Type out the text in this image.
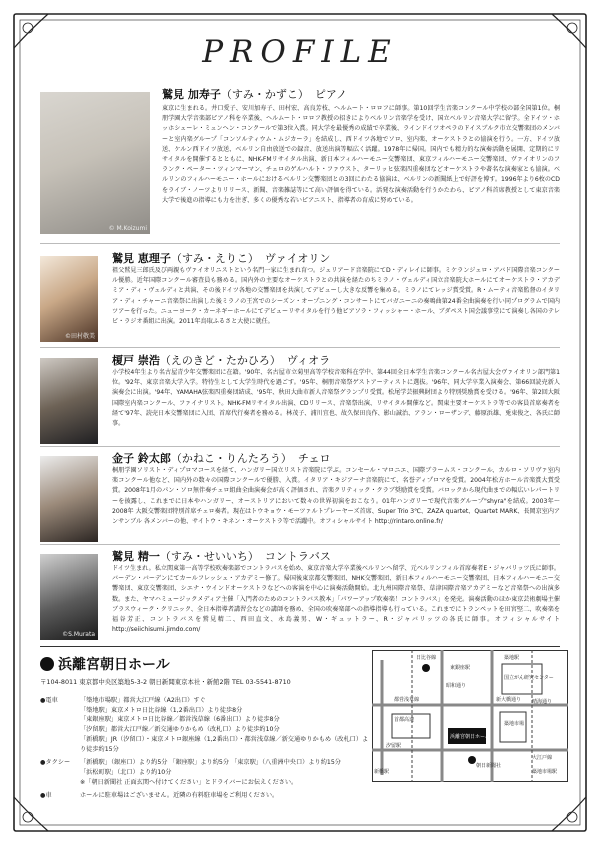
PROFILE
© M.Koizumi
鷲見 加寿子（すみ・かずこ） ピアノ
東京に生まれる。井口愛子、安川加寿子、田村宏、高良芳枝、ヘルムート・ロロフに師事。第10回学生音楽コンクール中学校の部全国第1位。桐朋学園大学音楽部ピアノ科を卒業後、ヘルムート・ロロフ教授の招きによりベルリン音楽学を受け、国立ベルリン音楽大学に留学。全ドイツ・ホッホシューレ・ミュンヘン・コンクールで第3位入賞。同大学を最優秀の成績で卒業後、ラインドイツオペラのドイスブルク市立交響楽団のメンバーと室内楽グループ「コンソルティウム・ムジカーラ」を結成し、西ドイツ各地でソロ、室内楽、オーケストラとの協演を行う。一方、ドイツ放送、ケルン西ドイツ放送、ベルリン自由放送での録音、放送出演等幅広く活躍。1978年に帰国。国内でも精力的な演奏活動を展開、定期的にリサイタルを開催するとともに、NHK-FMリサイタル出演、新日本フィルハーモニー交響楽団、東京フィルハーモニー交響楽団、ヴァイオリンのフランク・ペーター・ツィンマーマン、チェロのゲルハルト・ファウスト、ターリッヒ弦楽四重奏団などオーケストラや著名な演奏家とも協演。ベルリンのフィルハーモニー・ホールにおけるベルリン交響楽団との3回にわたる協演は、ベルリンの新聞紙上で好評を博す。1996年より6枚のCDをライブ・ノーツよりリリース、新聞、音楽雑誌等にて高い評価を得ている。活発な演奏活動を行うかたわら、ピアノ科首席教授として東京音楽大学で後進の指導にも力を注ぎ、多くの優秀な若いピアニスト、指導者の育成に努めている。
©田村敬美
鷲見 恵理子（すみ・えりこ） ヴァイオリン
祖父鷲見三郎氏及び両親もヴァイオリニストという名門一家に生まれ育つ。ジュリアード音楽院にてD・ディレイに師事。ミケランジェロ・アバド国際音楽コンクール優勝。近年国際コンクール審査員も務める。国内外の主要なオーケストラとの共演を経たのちミラノ・ヴェルディ国立音楽院大ホールにてオーケストラ・アカデミア・ディ・ヴェルディと共演、その後ドイツ各地の交響楽団を共演してデビューし大きな反響を集める。ミラノにてレッジ賞受賞。R・ムーティ音楽監督のイタリア・ディ・チャーニ音楽祭に出演した後ミラノの王宮でのシーズン・オープニング・コンサートにてバガニーニの奏鳴曲第24番全曲演奏を行い同プログラムで国内ツアーを行った。ニューヨーク・カーネギーホールにてデビューリサイタルを行う他ピアソラ・フィッシャー・ホール、ブダペスト国会議事堂にて演奏し各国のテレビ・ラジオ番組に出演。2011年鳥取ふるさと大使に就任。
榎戸 崇浩（えのきど・たかひろ） ヴィオラ
小学校4年生より名古屋青少年交響楽団に在籍。'90年、名古屋市立菊里高等学校音楽科在学中、第44回全日本学生音楽コンクール名古屋大会ヴァイオリン部門第1位。'92年、東京音楽大学入学。特待生として大学生時代を過ごす。'95年、桐朋音楽祭ゲストアーティストに選抜。'96年、同大学卒業入演奏会、第66回読売新人演奏会に出演。'94年、YAMAHA弦楽四重奏団結成、'95年、秋田大曲市新人音楽祭グランプリ受賞。松尾学芸振興財団より特別奨励賞を受ける。'96年、第2回大阪国際室内楽コンクール、ファイナリスト。NHK-FMリサイタル出演、CDリリース、音楽祭出演、リサイタル開催など。関東主要オーケストラ等での客員首席奏者を経て'97年、読売日本交響楽団に入団、首席代行奏者を務める。林茂子、浦川宜也、故久保田良作、影山誠治、アラン・ローザンデ、藤原浜雄、兎束俊之、各氏に師事。
金子 鈴太郎（かねこ・りんたろう） チェロ
桐朋学園ソリスト・ディプロマコースを経て、ハンガリー国立リスト音楽院に学ぶ。コンセール・マロニエ、国際ブラームス・コンクール、カルロ・ソリヴァ室内楽コンクール他など、国内外の数々の国際コンクールで優勝、入賞。イタリア・キジアーナ音楽院にて、名誉ディプロマを受賞。2004年松方ホール音楽賞大賞受賞。2008年1月のパン・ソロ無伴奏チェロ組曲全曲演奏会が高く評価され、音楽クリティック・クラブ奨励賞を受賞。バロックから現代曲までの幅広いレパートリーを披露し、これまでに日本やハンガリー、オーストリアにおいて数々の世界初演をおこなう。01年ハンガリーで現代音楽グループ"shyra"を結成。2003年～2008年 大阪交響楽団特別首席チェロ奏者。現在はトウキョウ・モーツァルトプレーヤーズ首席、Super Trio 3℃、ZAZA quartet、Quartet MARK、長岡京室内アンサンブル 各メンバーの他、サイトウ・キネン・オーケストラ等で活躍中。オフィシャルサイト http://rintaro.online.fr/
©S.Murata
鷲見 精一（すみ・せいいち） コントラバス
ドイツ生まれ。私立関東第一高等学校吹奏楽部でコントラバスを始め、東京音楽大学卒業後ベルリンへ留学、元ベルリンフィル首席奏者E・ジャバリッツ氏に師事。バーデン・バーデンにてカールフレッシュ・アカデミー修了。帰国後東京都交響楽団、NHK交響楽団、新日本フィルハーモニー交響楽団、日本フィルハーモニー交響楽団、東京交響楽団、シエナ・ウインドオーケストラなどへの客演を中心に演奏活動開始。北九州国際音楽祭、草津国際音楽アカデミーなど音楽祭への出演多数。また、ヤマハミュージックメディア主催「入門者のためのコントラバス教本」「パワーアップ吹奏楽！コントラバス」を発売。演奏活動のほか東京芸術劇場主催ブラスウィーク・クリニック、全日本指導者講習会などの講師を務め、全国の吹奏楽部への指導指導も行っている。これまでにトランペットを田宮堅二、吹奏楽を福谷芳正、コントラバスを鷲見精二、西田直文、永島義男、W・ギュットラー、R・ジャバリッツの各氏に師事。オフィシャルサイト http://seiichisumi.jimdo.com/
浜離宮朝日ホール
〒104-8011 東京都中央区築地5-3-2 朝日新聞東京本社・新館2階 TEL 03-5541-8710
●電車	「築地市場駅」都営大江戸線（A2出口）すぐ
「築地駅」東京メトロ日比谷線（1,2番出口）より徒歩8分
「東銀座駅」東京メトロ日比谷線／都営浅草線（6番出口）より徒歩8分
「汐留駅」都営大江戸線／新交通ゆりかもめ（改札口）より徒歩約10分
「新橋駅」JR（汐留口）・東京メトロ銀座線（1,2番出口）・都営浅草線／新交通ゆりかもめ（改札口）より徒歩約15分
●タクシー	「新橋駅」（銀座口）より約5分 「銀座駅」より約5分 「東京駅」（八重洲中央口）より約15分
「浜松町駅」（北口）より約10分
※「朝日新聞社 正面玄関へ付けてください」とドライバーにお伝えください。
●車	ホールに駐車場はございません。近隣の有料駐車場をご利用ください。
日比谷線
東銀座駅
昭和通り
新橋駅
汐留駅
築地駅
国立がん研究センター
築地市場
浜離宮朝日ホール
朝日新聞社
新大橋通り
都営浅草線
大江戸線
築地市場駅
晴海通り
首都高速
